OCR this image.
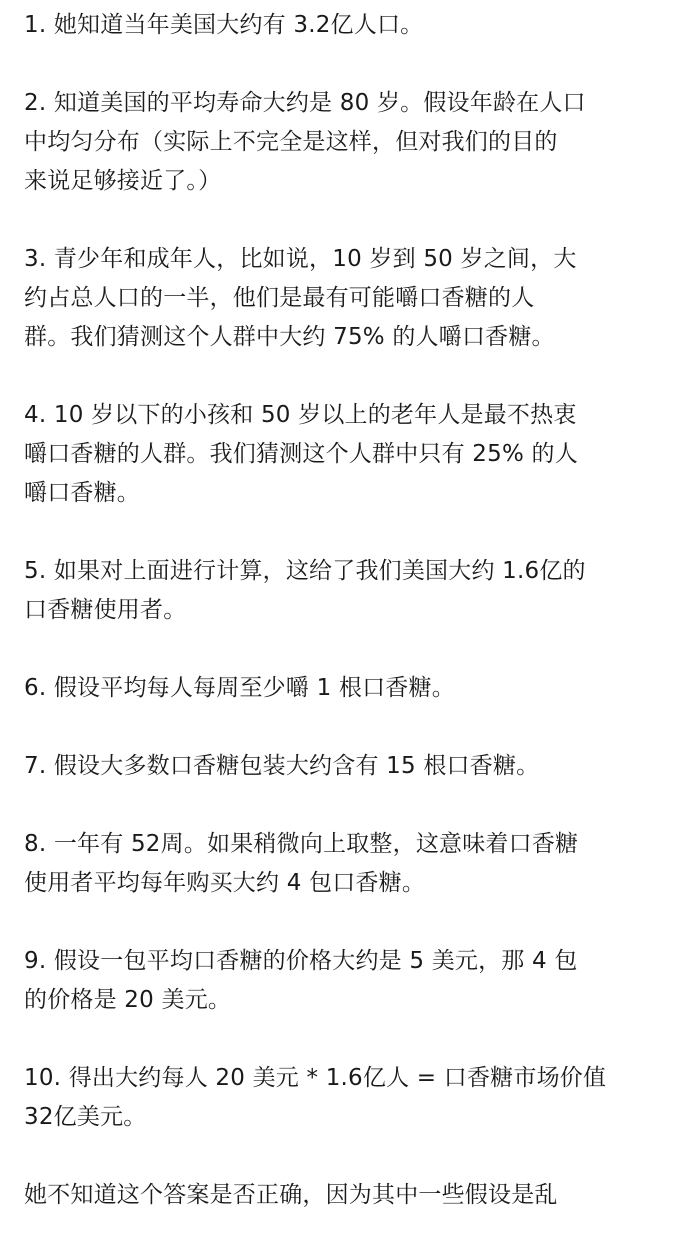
1. 她知道当年美国大约有 3.2亿人口。

2. 知道美国的平均寿命大约是 80 岁。假设年龄在人口
中均匀分布（实际上不完全是这样，但对我们的目的
来说足够接近了。）

3. 青少年和成年人，比如说，10 岁到 50 岁之间，大
约占总人口的一半，他们是最有可能嚼口香糖的人
群。我们猜测这个人群中大约 75% 的人嚼口香糖。

4. 10 岁以下的小孩和 50 岁以上的老年人是最不热衷
嚼口香糖的人群。我们猜测这个人群中只有 25% 的人
嚼口香糖。

5. 如果对上面进行计算，这给了我们美国大约 1.6亿的
口香糖使用者。

6. 假设平均每人每周至少嚼 1 根口香糖。

7. 假设大多数口香糖包装大约含有 15 根口香糖。

8. 一年有 52周。如果稍微向上取整，这意味着口香糖
使用者平均每年购买大约 4 包口香糖。

9. 假设一包平均口香糖的价格大约是 5 美元，那 4 包
的价格是 20 美元。

10. 得出大约每人 20 美元 * 1.6亿人 = 口香糖市场价值
32亿美元。

她不知道这个答案是否正确，因为其中一些假设是乱
